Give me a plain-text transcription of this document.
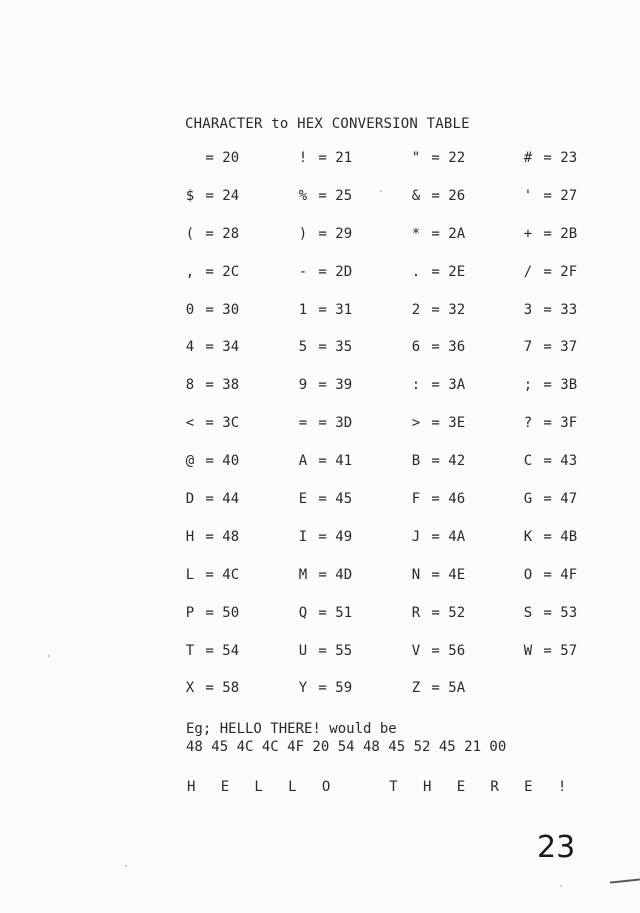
CHARACTER to HEX CONVERSION TABLE
= 20	! = 21	" = 22	# = 23
$ = 24	% = 25	& = 26	' = 27
( = 28	) = 29	* = 2A	+ = 2B
, = 2C	- = 2D	. = 2E	/ = 2F
0 = 30	1 = 31	2 = 32	3 = 33
4 = 34	5 = 35	6 = 36	7 = 37
8 = 38	9 = 39	: = 3A	; = 3B
< = 3C	= = 3D	> = 3E	? = 3F
@ = 40	A = 41	B = 42	C = 43
D = 44	E = 45	F = 46	G = 47
H = 48	I = 49	J = 4A	K = 4B
L = 4C	M = 4D	N = 4E	O = 4F
P = 50	Q = 51	R = 52	S = 53
T = 54	U = 55	V = 56	W = 57
X = 58	Y = 59	Z = 5A
Eg; HELLO THERE! would be
48 45 4C 4C 4F 20 54 48 45 52 45 21 00
H   E   L   L   O       T   H   E   R   E   !
23
